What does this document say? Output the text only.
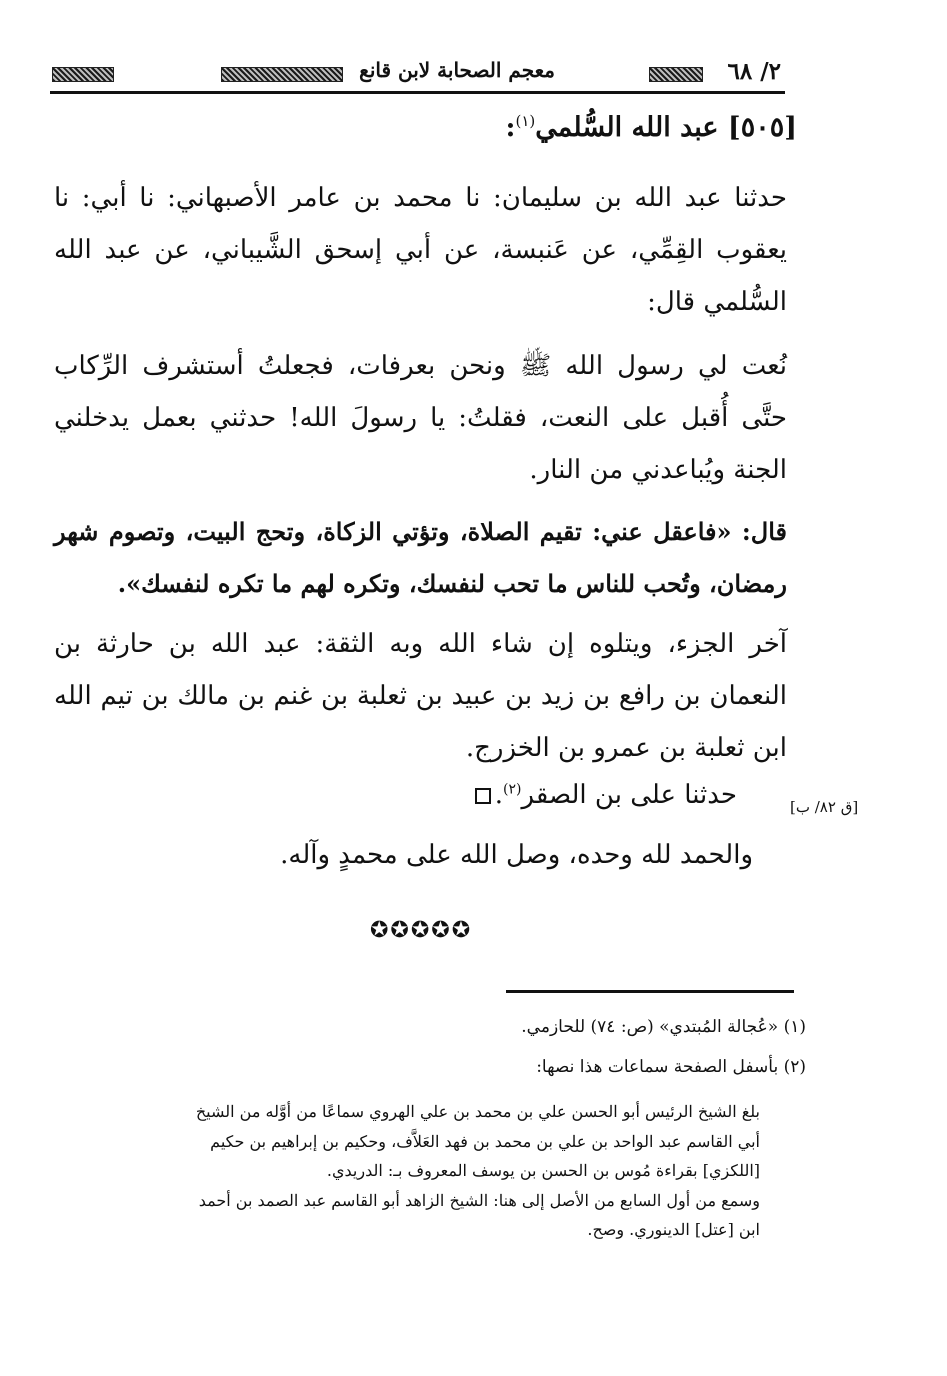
٢/ ٦٨
معجم الصحابة لابن قانع
[٥٠٥] عبد الله السُّلمي$^{(١)}$:
حدثنا عبد الله بن سليمان: نا محمد بن عامر الأصبهاني: نا أبي: نا يعقوب القِمِّي، عن عَنبسة، عن أبي إسحق الشَّيباني، عن عبد الله السُّلمي قال:
نُعت لي رسول الله ﷺ ونحن بعرفات، فجعلتُ أستشرف الرِّكاب حتَّى أُقبل على النعت، فقلتُ: يا رسولَ الله! حدثني بعمل يدخلني الجنة ويُباعدني من النار.
قال: «فاعقل عني: تقيم الصلاة، وتؤتي الزكاة، وتحج البيت، وتصوم شهر رمضان، وتُحب للناس ما تحب لنفسك، وتكره لهم ما تكره لنفسك».
آخر الجزء، ويتلوه إن شاء الله وبه الثقة: عبد الله بن حارثة بن النعمان بن رافع بن زيد بن عبيد بن ثعلبة بن غنم بن مالك بن تيم الله ابن ثعلبة بن عمرو بن الخزرج.
حدثنا على بن الصقر$^{(٢)}$.	[ق ٨٢/ ب]
والحمد لله وحده، وصل الله على محمدٍ وآله.
✪✪✪✪✪
(١) «عُجالة المُبتدي» (ص: ٧٤) للحازمي.
(٢) بأسفل الصفحة سماعات هذا نصها:
بلغ الشيخ الرئيس أبو الحسن علي بن محمد بن علي الهروي سماعًا من أوَّله من الشيخ
أبي القاسم عبد الواحد بن علي بن محمد بن فهد العَلاَّف، وحكيم بن إبراهيم بن حكيم
[اللكزي] بقراءة مُوس بن الحسن بن يوسف المعروف بـ: الدريدي.
وسمع من أول السابع من الأصل إلى هنا: الشيخ الزاهد أبو القاسم عبد الصمد بن أحمد
ابن [عتل] الدينوري. وصح.
